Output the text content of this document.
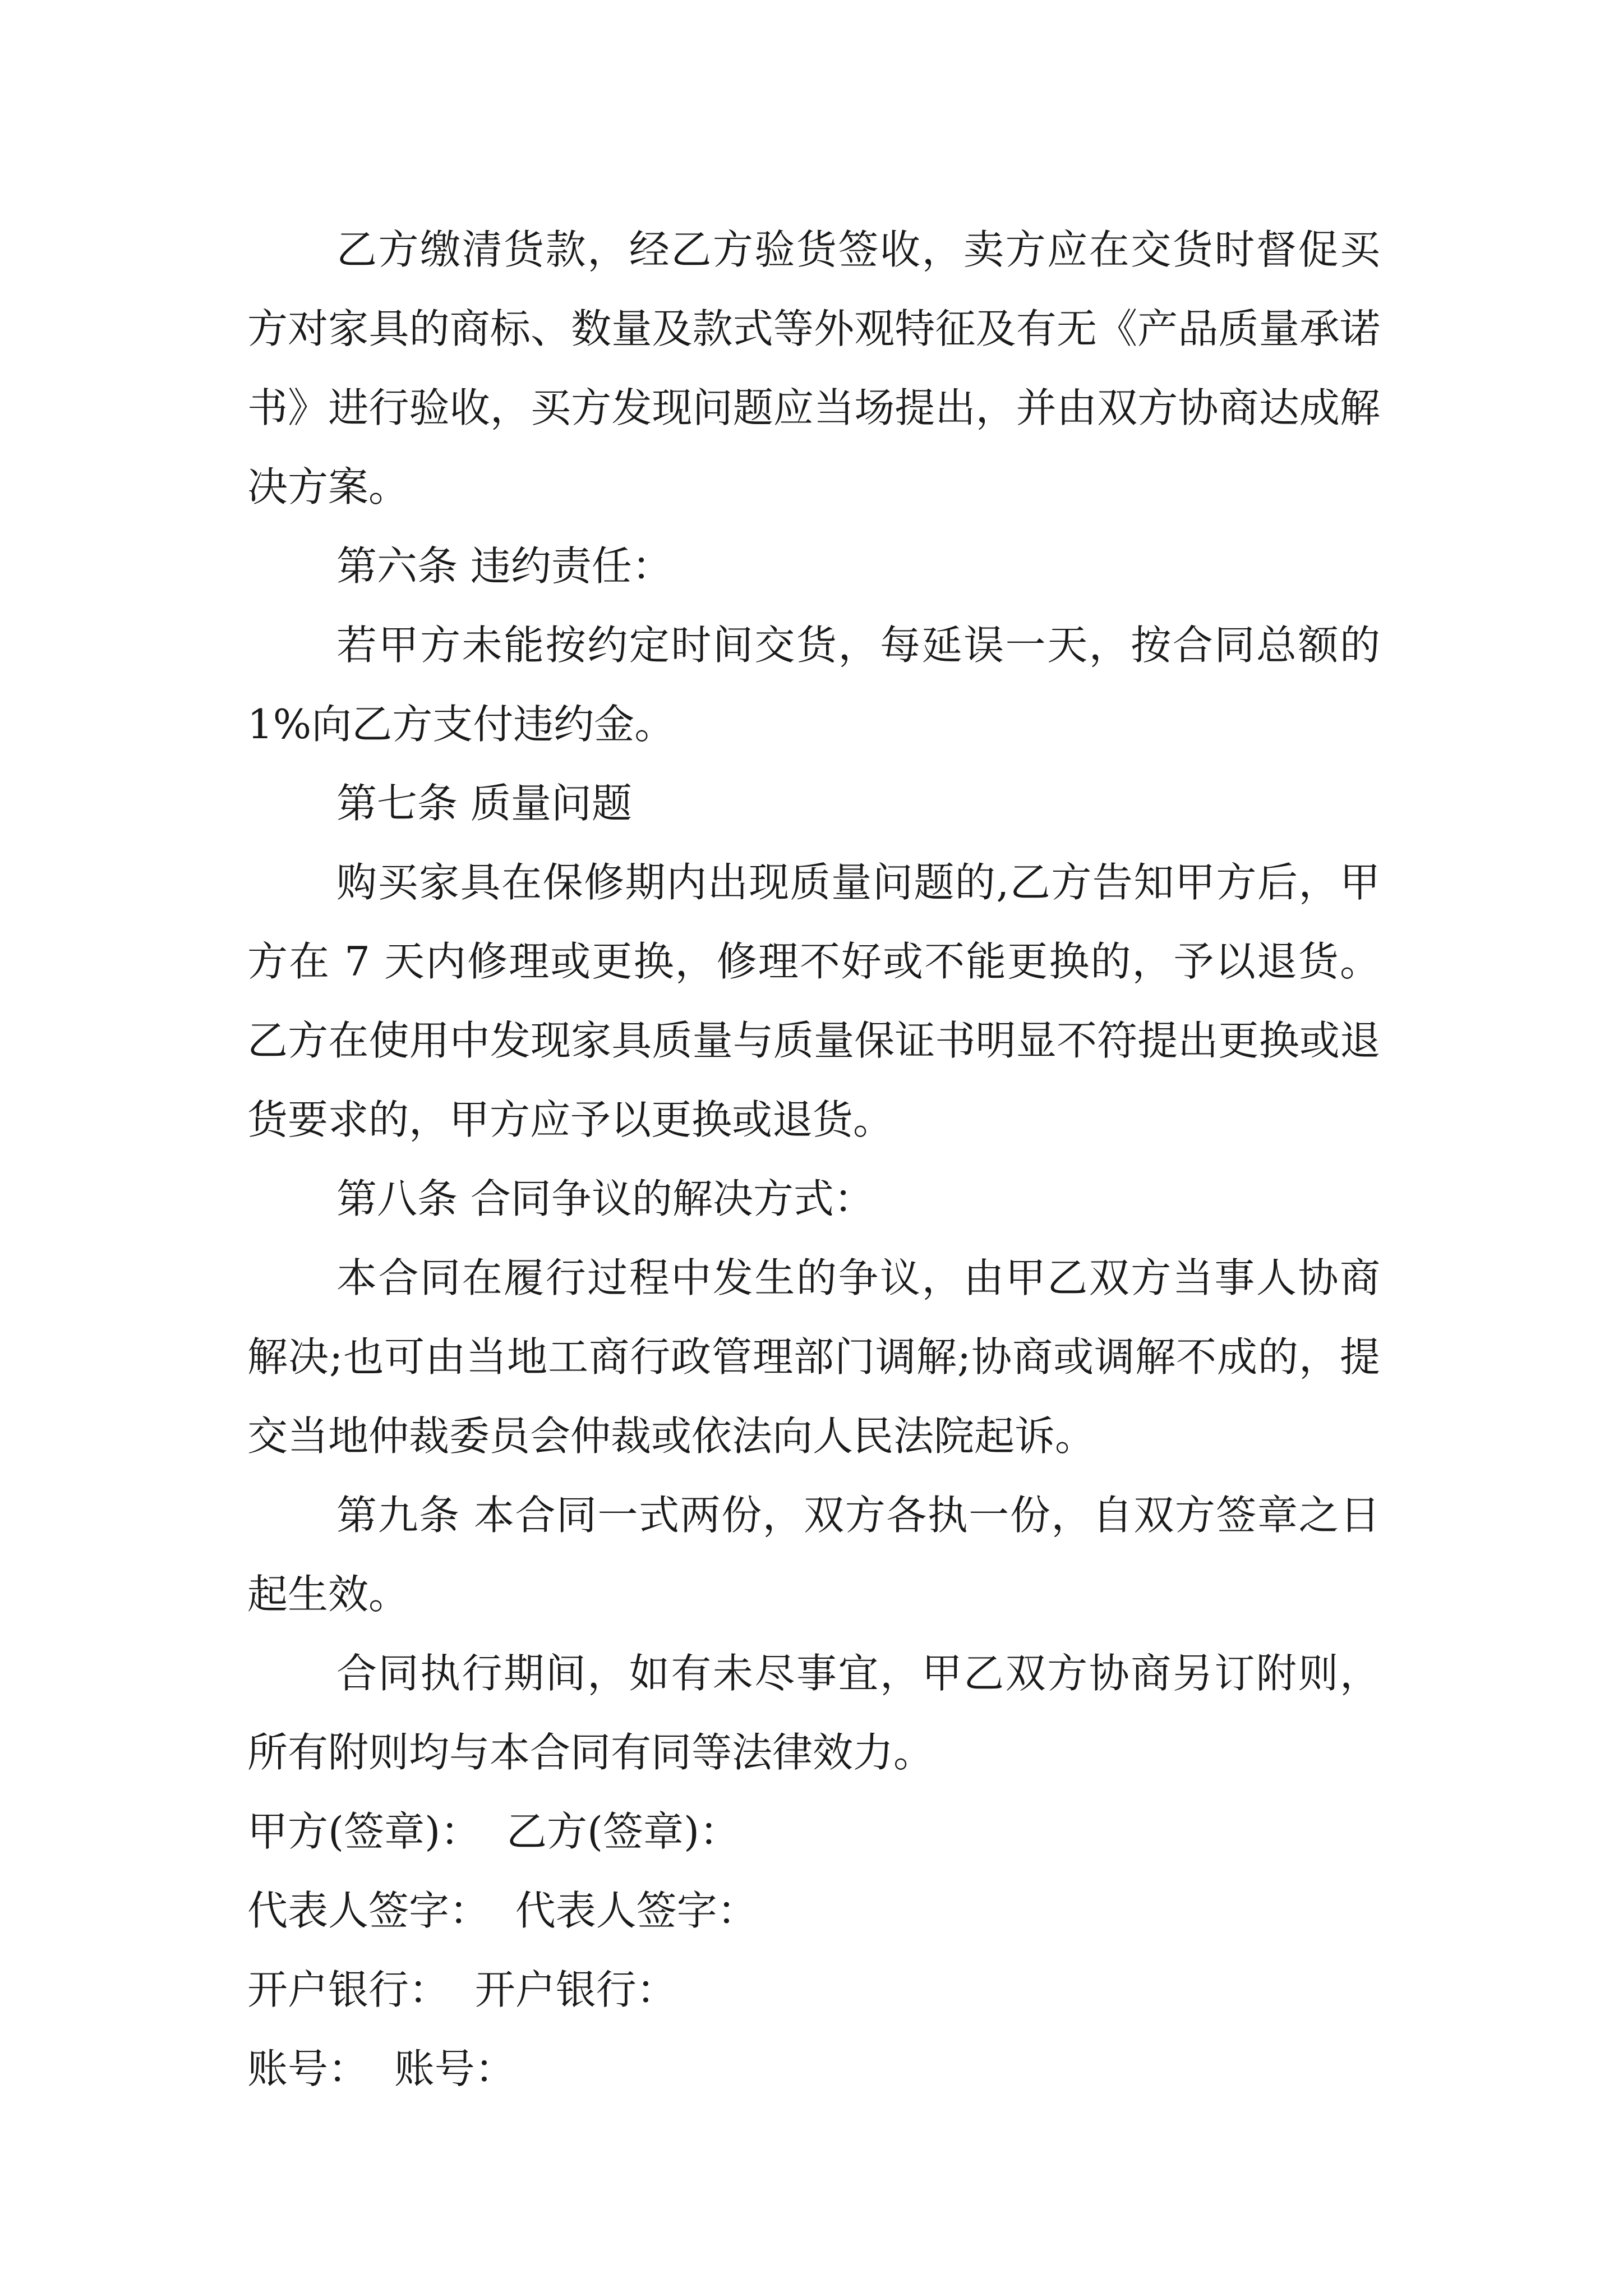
乙方缴清货款，经乙方验货签收，卖方应在交货时督促买方对家具的商标、数量及款式等外观特征及有无《产品质量承诺书》进行验收，买方发现问题应当场提出，并由双方协商达成解决方案。

第六条 违约责任：

若甲方未能按约定时间交货，每延误一天，按合同总额的 1%向乙方支付违约金。

第七条 质量问题

购买家具在保修期内出现质量问题的,乙方告知甲方后，甲方在 7 天内修理或更换，修理不好或不能更换的，予以退货。乙方在使用中发现家具质量与质量保证书明显不符提出更换或退货要求的，甲方应予以更换或退货。

第八条 合同争议的解决方式：

本合同在履行过程中发生的争议，由甲乙双方当事人协商解决;也可由当地工商行政管理部门调解;协商或调解不成的，提交当地仲裁委员会仲裁或依法向人民法院起诉。

第九条 本合同一式两份，双方各执一份，自双方签章之日起生效。

合同执行期间，如有未尽事宜，甲乙双方协商另订附则，所有附则均与本合同有同等法律效力。

甲方(签章)：  乙方(签章)：

代表人签字：  代表人签字：

开户银行：  开户银行：

账号：  账号：
